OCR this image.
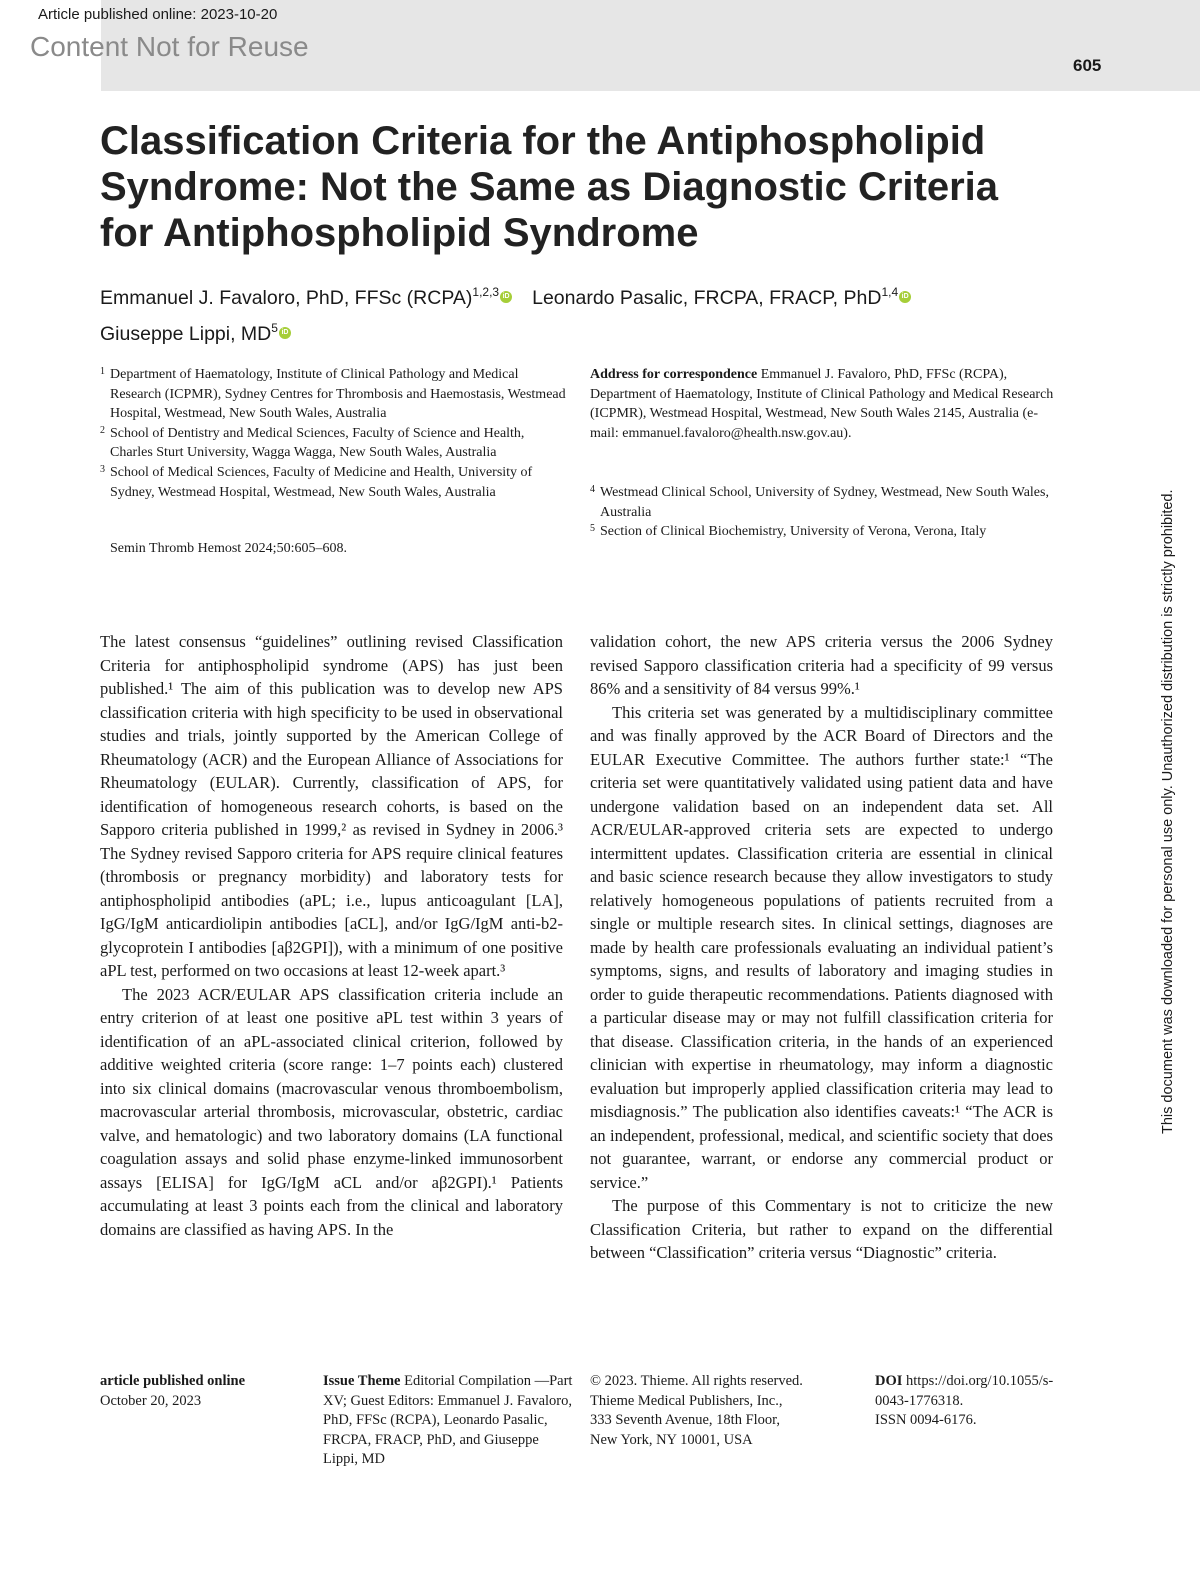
Article published online: 2023-10-20
Content Not for Reuse
605
This document was downloaded for personal use only. Unauthorized distribution is strictly prohibited.
Classification Criteria for the Antiphospholipid Syndrome: Not the Same as Diagnostic Criteria for Antiphospholipid Syndrome
Emmanuel J. Favaloro, PhD, FFSc (RCPA)$^{1,2,3}$ iD Leonardo Pasalic, FRCPA, FRACP, PhD$^{1,4}$ iD
Giuseppe Lippi, $MD^5$ iD
1 Department of Haematology, Institute of Clinical Pathology and Medical Research (ICPMR), Sydney Centres for Thrombosis and Haemostasis, Westmead Hospital, Westmead, New South Wales, Australia
2 School of Dentistry and Medical Sciences, Faculty of Science and Health, Charles Sturt University, Wagga Wagga, New South Wales, Australia
3 School of Medical Sciences, Faculty of Medicine and Health, University of Sydney, Westmead Hospital, Westmead, New South Wales, Australia
Semin Thromb Hemost 2024;50:605–608.
Address for correspondence Emmanuel J. Favaloro, PhD, FFSc (RCPA), Department of Haematology, Institute of Clinical Pathology and Medical Research (ICPMR), Westmead Hospital, Westmead, New South Wales 2145, Australia (e-mail: emmanuel.favaloro@health.nsw.gov.au).
4 Westmead Clinical School, University of Sydney, Westmead, New South Wales, Australia
5 Section of Clinical Biochemistry, University of Verona, Verona, Italy

The latest consensus “guidelines” outlining revised Classification Criteria for antiphospholipid syndrome (APS) has just been published.¹ The aim of this publication was to develop new APS classification criteria with high specificity to be used in observational studies and trials, jointly supported by the American College of Rheumatology (ACR) and the European Alliance of Associations for Rheumatology (EULAR). Currently, classification of APS, for identification of homogeneous research cohorts, is based on the Sapporo criteria published in 1999,² as revised in Sydney in 2006.³ The Sydney revised Sapporo criteria for APS require clinical features (thrombosis or pregnancy morbidity) and laboratory tests for antiphospholipid antibodies (aPL; i.e., lupus anticoagulant [LA], IgG/IgM anticardiolipin antibodies [aCL], and/or IgG/IgM anti-b2-glycoprotein I antibodies [aβ2GPI]), with a minimum of one positive aPL test, performed on two occasions at least 12-week apart.³

The 2023 ACR/EULAR APS classification criteria include an entry criterion of at least one positive aPL test within 3 years of identification of an aPL-associated clinical criterion, followed by additive weighted criteria (score range: 1–7 points each) clustered into six clinical domains (macrovascular venous thromboembolism, macrovascular arterial thrombosis, microvascular, obstetric, cardiac valve, and hematologic) and two laboratory domains (LA functional coagulation assays and solid phase enzyme-linked immunosorbent assays [ELISA] for IgG/IgM aCL and/or aβ2GPI).¹ Patients accumulating at least 3 points each from the clinical and laboratory domains are classified as having APS. In the

validation cohort, the new APS criteria versus the 2006 Sydney revised Sapporo classification criteria had a specificity of 99 versus 86% and a sensitivity of 84 versus 99%.¹

This criteria set was generated by a multidisciplinary committee and was finally approved by the ACR Board of Directors and the EULAR Executive Committee. The authors further state:¹ “The criteria set were quantitatively validated using patient data and have undergone validation based on an independent data set. All ACR/EULAR-approved criteria sets are expected to undergo intermittent updates. Classification criteria are essential in clinical and basic science research because they allow investigators to study relatively homogeneous populations of patients recruited from a single or multiple research sites. In clinical settings, diagnoses are made by health care professionals evaluating an individual patient’s symptoms, signs, and results of laboratory and imaging studies in order to guide therapeutic recommendations. Patients diagnosed with a particular disease may or may not fulfill classification criteria for that disease. Classification criteria, in the hands of an experienced clinician with expertise in rheumatology, may inform a diagnostic evaluation but improperly applied classification criteria may lead to misdiagnosis.” The publication also identifies caveats:¹ “The ACR is an independent, professional, medical, and scientific society that does not guarantee, warrant, or endorse any commercial product or service.”

The purpose of this Commentary is not to criticize the new Classification Criteria, but rather to expand on the differential between “Classification” criteria versus “Diagnostic” criteria.

article published online
October 20, 2023
Issue Theme Editorial Compilation —Part XV; Guest Editors: Emmanuel J. Favaloro, PhD, FFSc (RCPA), Leonardo Pasalic, FRCPA, FRACP, PhD, and Giuseppe Lippi, MD
© 2023. Thieme. All rights reserved.
Thieme Medical Publishers, Inc.,
333 Seventh Avenue, 18th Floor,
New York, NY 10001, USA
DOI https://doi.org/10.1055/s-0043-1776318.
ISSN 0094-6176.
